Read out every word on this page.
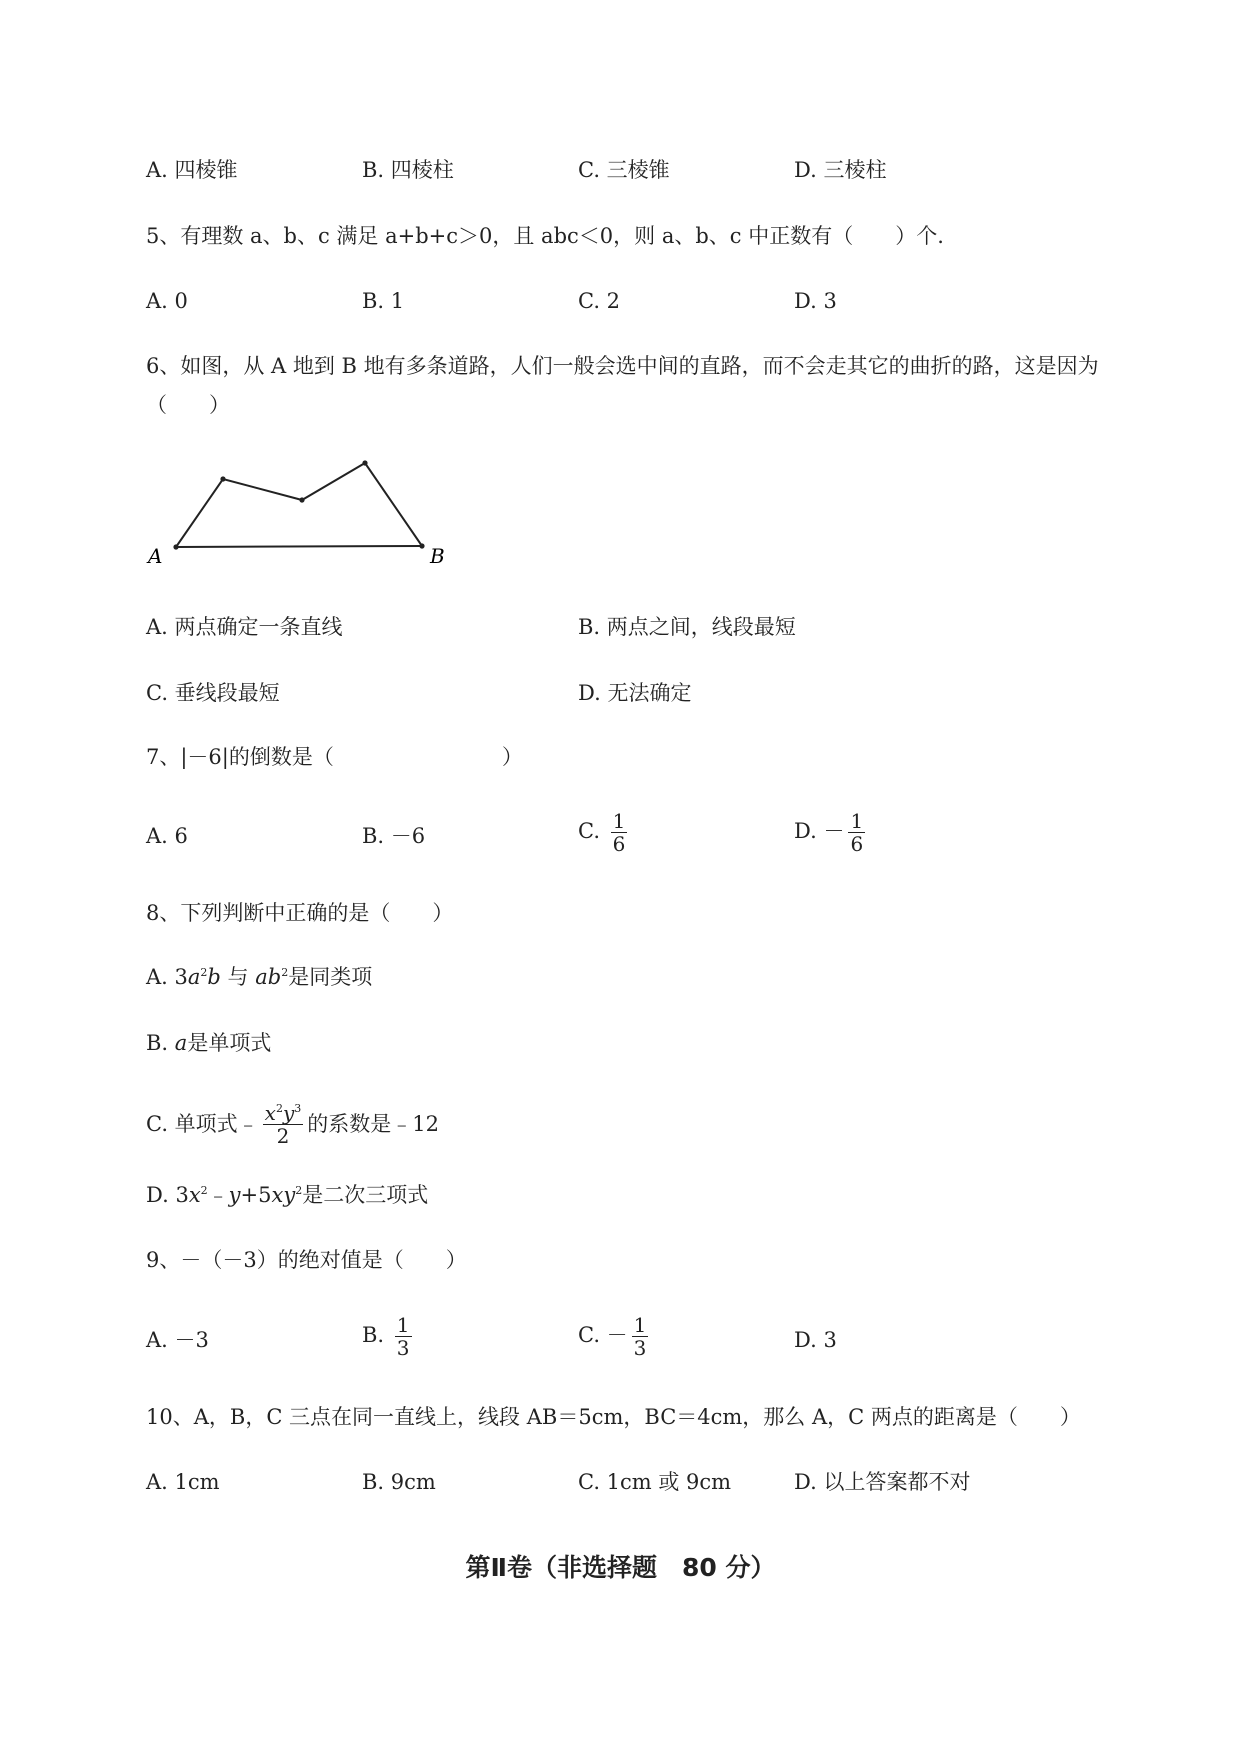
A. 四棱锥	B. 四棱柱	C. 三棱锥	D. 三棱柱
5、有理数 a、b、c 满足 a+b+c＞0，且 abc＜0，则 a、b、c 中正数有（　　）个.
A. 0	B. 1	C. 2	D. 3
6、如图，从 A 地到 B 地有多条道路，人们一般会选中间的直路，而不会走其它的曲折的路，这是因为
（　　）
A	B
A. 两点确定一条直线	B. 两点之间，线段最短
C. 垂线段最短	D. 无法确定
7、|－6|的倒数是（　　　　　　　　）
A. 6	B. －6	C. $\frac{1}{6}$	D. － $\frac{1}{6}$
8、下列判断中正确的是（　　）
A. $3a^2b$ 与 $ab^2$是同类项
B. a是单项式
C. 单项式﹣ $\frac{x^2y^3}{2}$ 的系数是﹣12
D. $3x^2﹣y+5xy^2$是二次三项式
9、－（－3）的绝对值是（　　）
A. －3	B. $\frac{1}{3}$	C. － $\frac{1}{3}$	D. 3
10、A，B，C 三点在同一直线上，线段 AB＝5cm，BC＝4cm，那么 A，C 两点的距离是（　　）
A. 1cm	B. 9cm	C. 1cm 或 9cm	D. 以上答案都不对
第Ⅱ卷（非选择题　80 分）
